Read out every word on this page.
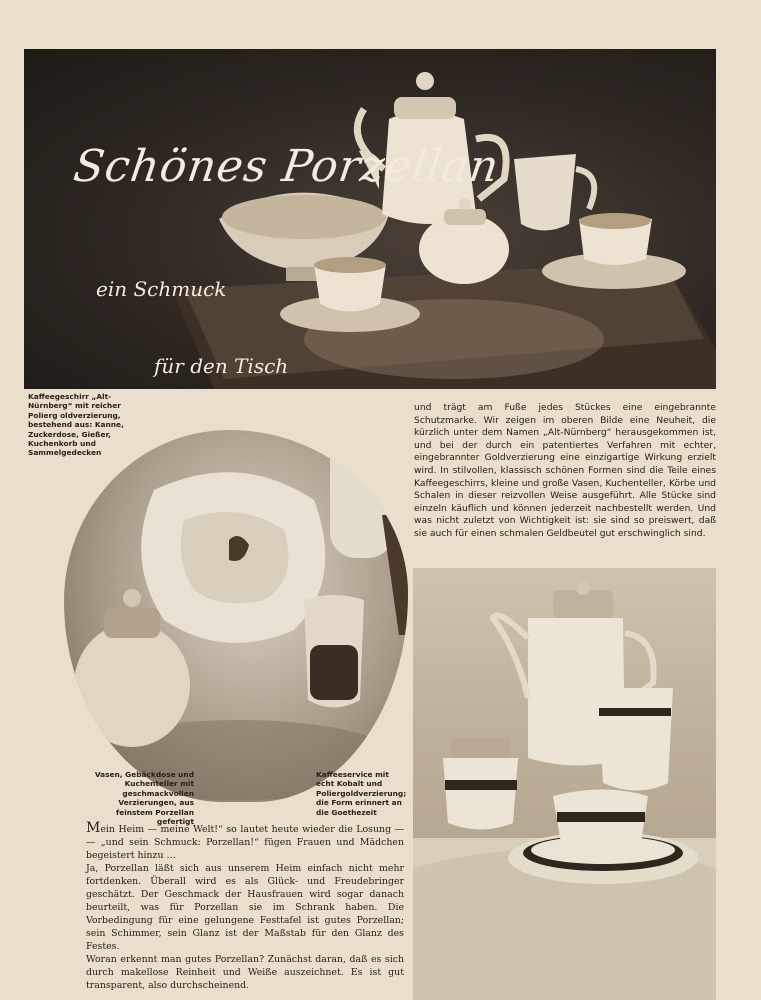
Schönes Porzellan
ein Schmuck
für den Tisch
Kaffeegeschirr „Alt-Nürnberg“ mit reicher Polierg oldverzierung, bestehend aus: Kanne, Zuckerdose, Gießer, Kuchenkorb und Sammelgedecken
Vasen, Gebäckdose und Kuchenteller mit geschmackvollen Verzierungen, aus feinstem Porzellan gefertigt
Kaffeeservice mit echt Kobalt und Poliergoldverzierung; die Form erinnert an die Goethezeit
und trägt am Fuße jedes Stückes eine eingebrannte Schutzmarke. Wir zeigen im oberen Bilde eine Neuheit, die kürzlich unter dem Namen „Alt-Nürnberg“ herausgekommen ist, und bei der durch ein patentiertes Verfahren mit echter, eingebrannter Goldverzierung eine einzigartige Wirkung erzielt wird. In stilvollen, klassisch schönen Formen sind die Teile eines Kaffeegeschirrs, kleine und große Vasen, Kuchenteller, Körbe und Schalen in dieser reizvollen Weise ausgeführt. Alle Stücke sind einzeln käuflich und können jederzeit nachbestellt werden. Und was nicht zuletzt von Wichtigkeit ist: sie sind so preiswert, daß sie auch für einen schmalen Geldbeutel gut erschwinglich sind.

Mein Heim — meine Welt!“ so lautet heute wieder die Losung — — „und sein Schmuck: Porzellan!“ fügen Frauen und Mädchen begeistert hinzu …

Ja, Porzellan läßt sich aus unserem Heim einfach nicht mehr fortdenken. Überall wird es als Glück- und Freudebringer geschätzt. Der Geschmack der Hausfrauen wird sogar danach beurteilt, was für Porzellan sie im Schrank haben. Die Vorbedingung für eine gelungene Festtafel ist gutes Porzellan; sein Schimmer, sein Glanz ist der Maßstab für den Glanz des Festes.

Woran erkennt man gutes Porzellan? Zunächst daran, daß es sich durch makellose Reinheit und Weiße auszeichnet. Es ist gut transparent, also durchscheinend.
